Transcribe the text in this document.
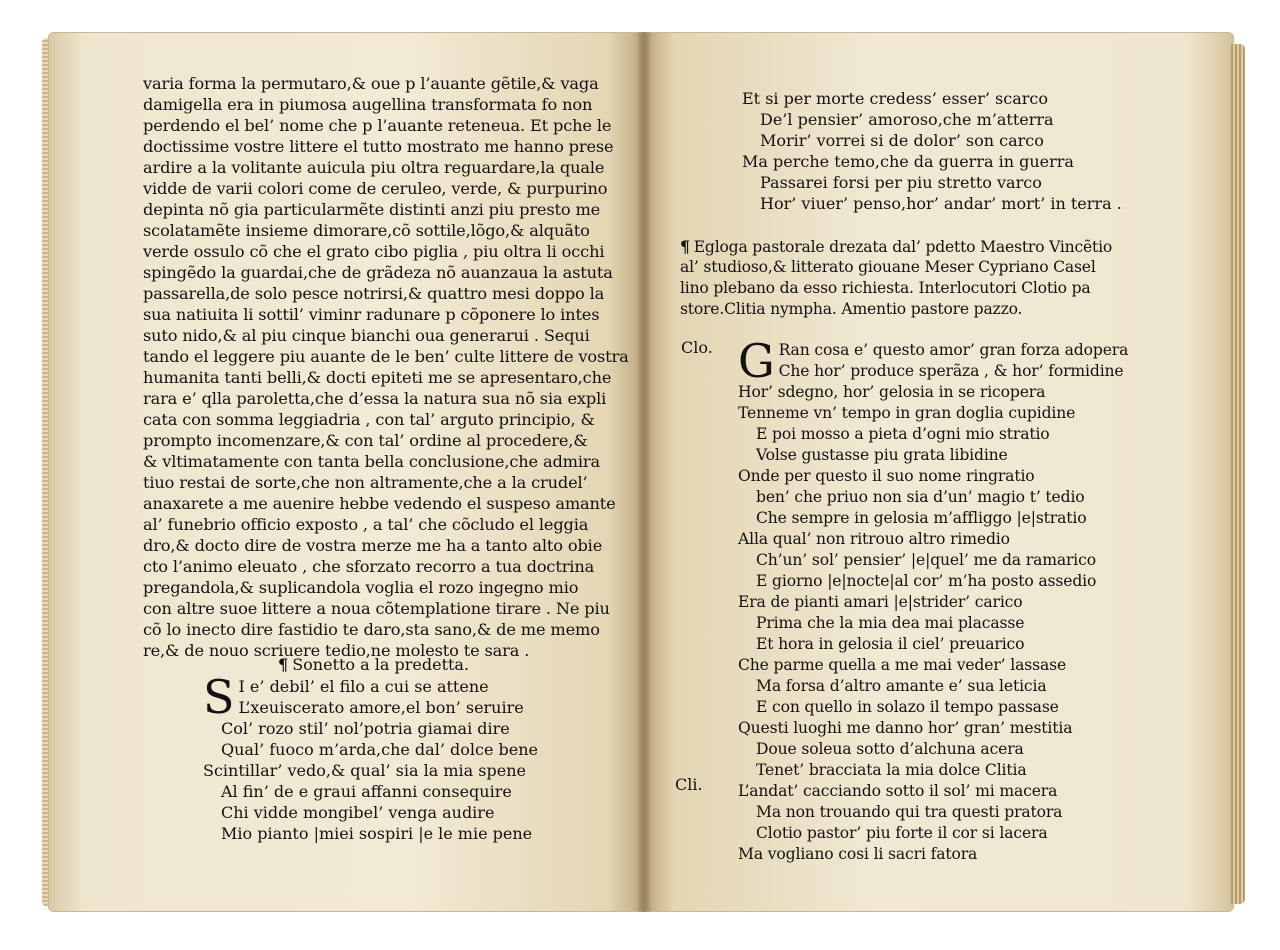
varia forma la permutaro,& oue p l’auante gẽtile,& vaga
damigella era in piumosa augellina transformata fo non
perdendo el bel’ nome che p l’auante reteneua. Et pche le
doctissime vostre littere el tutto mostrato me hanno prese
ardire a la volitante auicula piu oltra reguardare,la quale
vidde de varii colori come de ceruleo, verde, & purpurino
depinta nõ gia particularmẽte distinti anzi piu presto me
scolatamẽte insieme dimorare,cõ sottile,lõgo,& alquãto
verde ossulo cõ che el grato cibo piglia , piu oltra li occhi
spingẽdo la guardai,che de grãdeza nõ auanzaua la astuta
passarella,de solo pesce notrirsi,& quattro mesi doppo la
sua natiuita li sottil’ viminr radunare p cõponere lo intes
suto nido,& al piu cinque bianchi oua generarui . Sequi
tando el leggere piu auante de le ben’ culte littere de vostra
humanita tanti belli,& docti epiteti me se apresentaro,che
rara e’ qlla paroletta,che d’essa la natura sua nõ sia expli
cata con somma leggiadria , con tal’ arguto principio, &
prompto incomenzare,& con tal’ ordine al procedere,&
& vltimatamente con tanta bella conclusione,che admira
tiuo restai de sorte,che non altramente,che a la crudel’
anaxarete a me auenire hebbe vedendo el suspeso amante
al’ funebrio officio exposto , a tal’ che cõcludo el leggia
dro,& docto dire de vostra merze me ha a tanto alto obie
cto l’animo eleuato , che sforzato recorro a tua doctrina
pregandola,& suplicandola voglia el rozo ingegno mio
con altre suoe littere a noua cõtemplatione tirare . Ne piu
cõ lo inecto dire fastidio te daro,sta sano,& de me memo
re,& de nouo scriuere tedio,ne molesto te sara .
¶ Sonetto a la predetta.
S I e’ debil’ el filo a cui se attene
L’xeuiscerato amore,el bon’ seruire
Col’ rozo stil’ nol’potria giamai dire
Qual’ fuoco m’arda,che dal’ dolce bene
Scintillar’ vedo,& qual’ sia la mia spene
Al fin’ de e graui affanni consequire
Chi vidde mongibel’ venga audire
Mio pianto |miei sospiri |e le mie pene
Et si per morte credess’ esser’ scarco
De’l pensier’ amoroso,che m’atterra
Morir’ vorrei si de dolor’ son carco
Ma perche temo,che da guerra in guerra
Passarei forsi per piu stretto varco
Hor’ viuer’ penso,hor’ andar’ mort’ in terra .
¶ Egloga pastorale drezata dal’ pdetto Maestro Vincẽtio
al’ studioso,& litterato giouane Meser Cypriano Casel
lino plebano da esso richiesta. Interlocutori Clotio pa
store.Clitia nympha. Amentio pastore pazzo.
Clo.
Cli.
G Ran cosa e’ questo amor’ gran forza adopera
Che hor’ produce sperãza , & hor’ formidine
Hor’ sdegno, hor’ gelosia in se ricopera
Tenneme vn’ tempo in gran doglia cupidine
E poi mosso a pieta d’ogni mio stratio
Volse gustasse piu grata libidine
Onde per questo il suo nome ringratio
ben’ che priuo non sia d’un’ magio t’ tedio
Che sempre in gelosia m’affliggo |e|stratio
Alla qual’ non ritrouo altro rimedio
Ch’un’ sol’ pensier’ |e|quel’ me da ramarico
E giorno |e|nocte|al cor’ m’ha posto assedio
Era de pianti amari |e|strider’ carico
Prima che la mia dea mai placasse
Et hora in gelosia il ciel’ preuarico
Che parme quella a me mai veder’ lassase
Ma forsa d’altro amante e’ sua leticia
E con quello in solazo il tempo passase
Questi luoghi me danno hor’ gran’ mestitia
Doue soleua sotto d’alchuna acera
Tenet’ bracciata la mia dolce Clitia
L’andat’ cacciando sotto il sol’ mi macera
Ma non trouando qui tra questi pratora
Clotio pastor’ piu forte il cor si lacera
Ma vogliano cosi li sacri fatora
